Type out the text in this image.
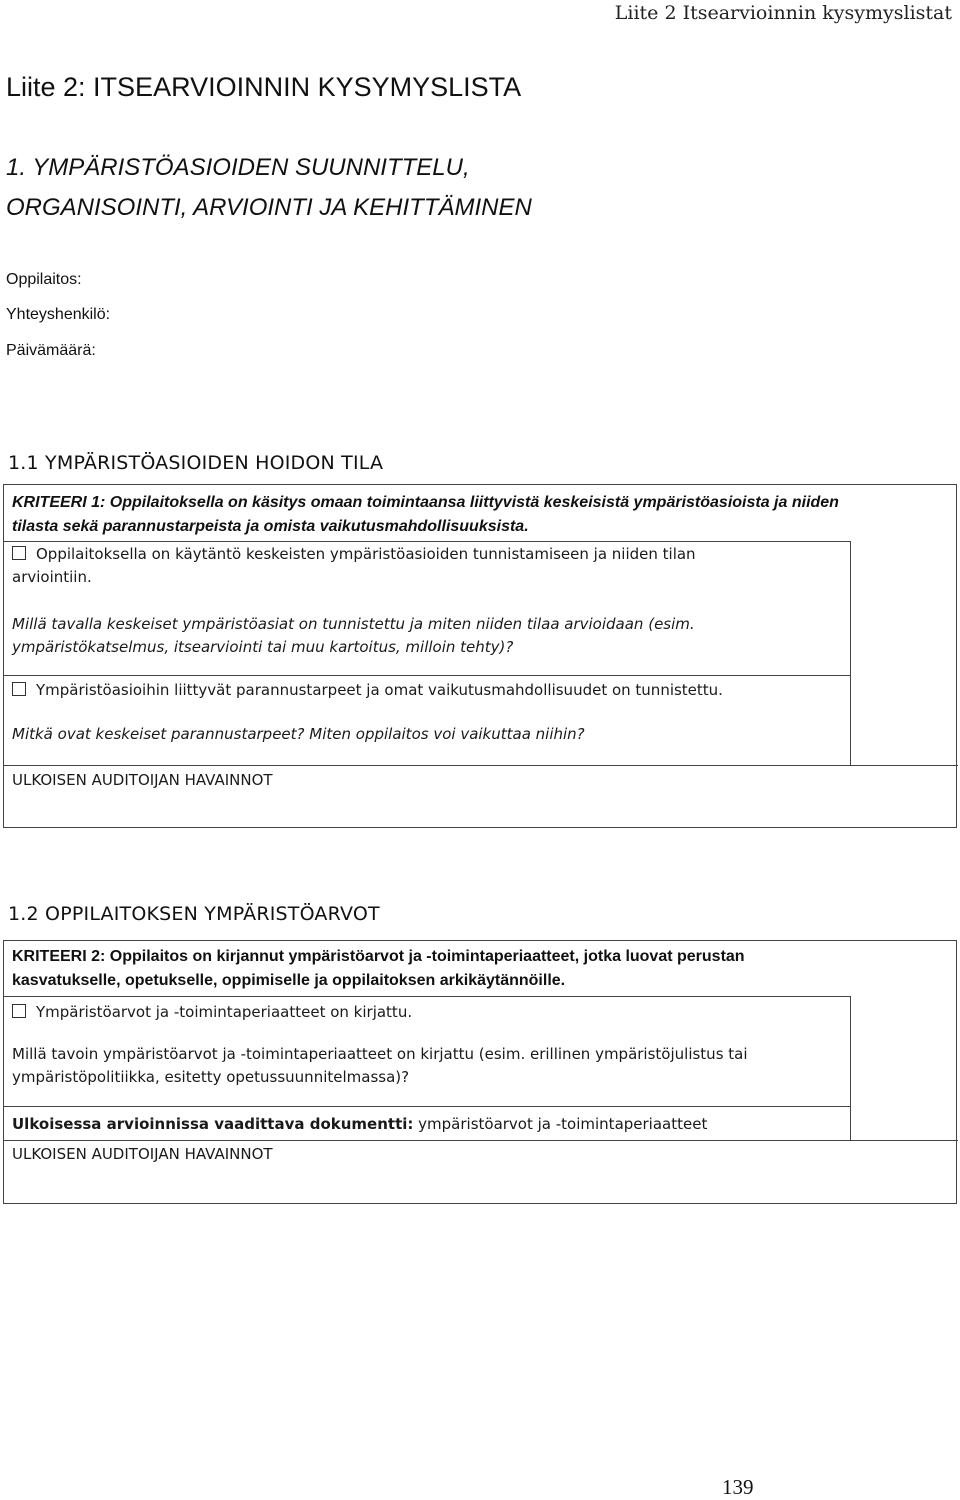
Liite 2 Itsearvioinnin kysymyslistat
Liite 2: ITSEARVIOINNIN KYSYMYSLISTA
1. YMPÄRISTÖASIOIDEN SUUNNITTELU,
ORGANISOINTI, ARVIOINTI JA KEHITTÄMINEN
Oppilaitos:
Yhteyshenkilö:
Päivämäärä:
1.1 YMPÄRISTÖASIOIDEN HOIDON TILA
KRITEERI 1: Oppilaitoksella on käsitys omaan toimintaansa liittyvistä keskeisistä ympäristöasioista ja niiden
tilasta sekä parannustarpeista ja omista vaikutusmahdollisuuksista.
Oppilaitoksella on käytäntö keskeisten ympäristöasioiden tunnistamiseen ja niiden tilan
arviointiin.
Millä tavalla keskeiset ympäristöasiat on tunnistettu ja miten niiden tilaa arvioidaan (esim.
ympäristökatselmus, itsearviointi tai muu kartoitus, milloin tehty)?
Ympäristöasioihin liittyvät parannustarpeet ja omat vaikutusmahdollisuudet on tunnistettu.
Mitkä ovat keskeiset parannustarpeet? Miten oppilaitos voi vaikuttaa niihin?
ULKOISEN AUDITOIJAN HAVAINNOT
1.2 OPPILAITOKSEN YMPÄRISTÖARVOT
KRITEERI 2: Oppilaitos on kirjannut ympäristöarvot ja -toimintaperiaatteet, jotka luovat perustan
kasvatukselle, opetukselle, oppimiselle ja oppilaitoksen arkikäytännöille.
Ympäristöarvot ja -toimintaperiaatteet on kirjattu.
Millä tavoin ympäristöarvot ja -toimintaperiaatteet on kirjattu (esim. erillinen ympäristöjulistus tai
ympäristöpolitiikka, esitetty opetussuunnitelmassa)?
Ulkoisessa arvioinnissa vaadittava dokumentti: ympäristöarvot ja -toimintaperiaatteet
ULKOISEN AUDITOIJAN HAVAINNOT
139
